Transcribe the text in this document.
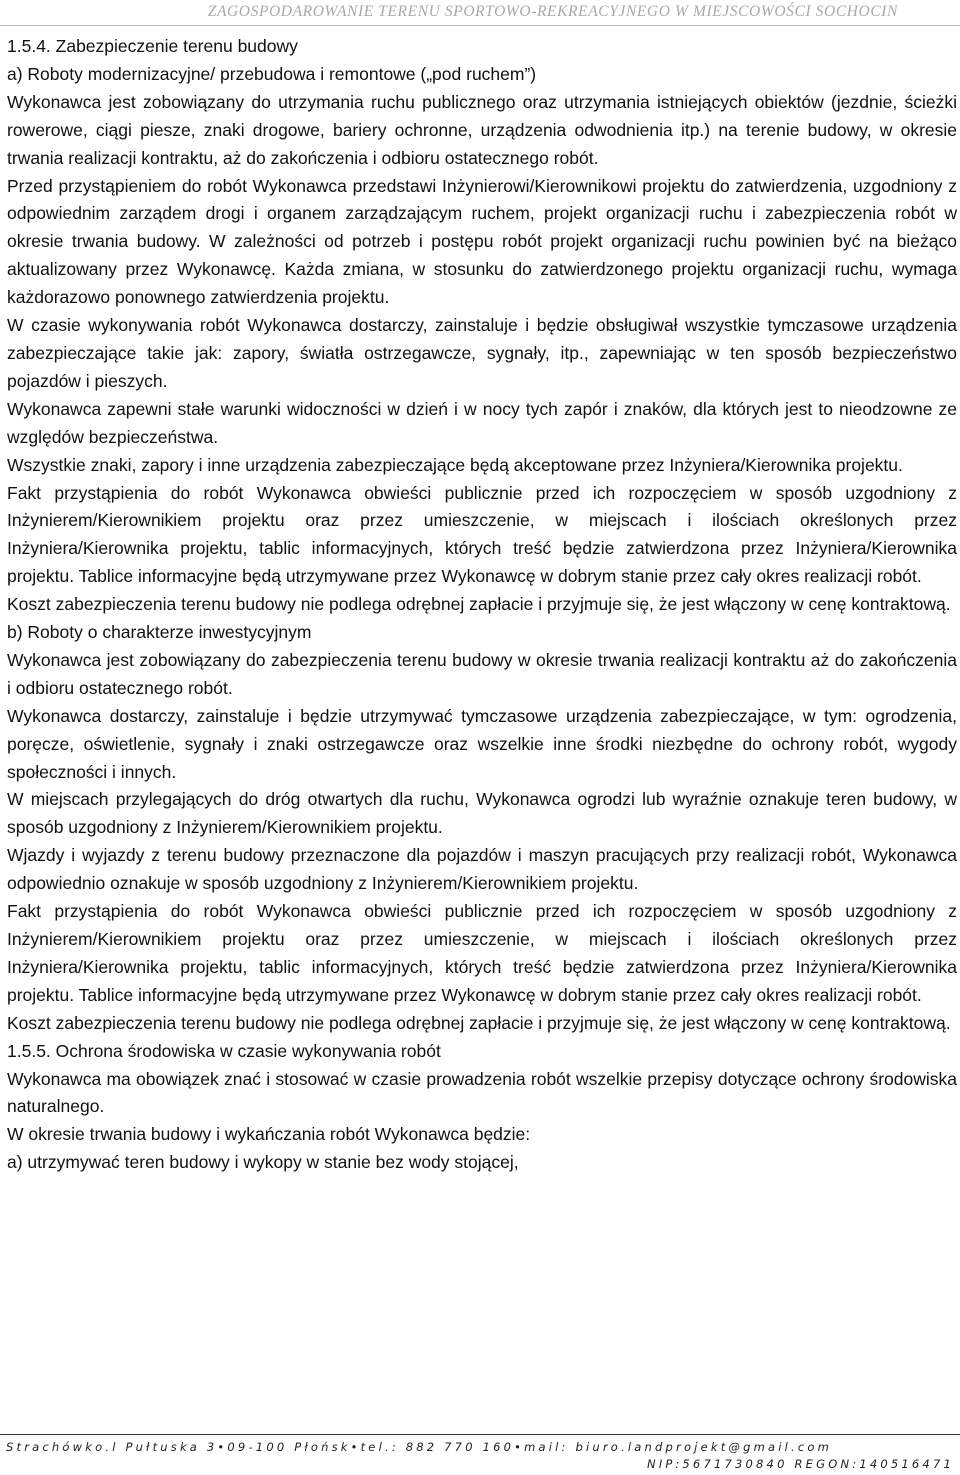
ZAGOSPODAROWANIE TERENU SPORTOWO-REKREACYJNEGO W MIEJSCOWOŚCI SOCHOCIN

1.5.4. Zabezpieczenie terenu budowy

a) Roboty modernizacyjne/ przebudowa i remontowe („pod ruchem”)

Wykonawca jest zobowiązany do utrzymania ruchu publicznego oraz utrzymania istniejących obiektów (jezdnie, ścieżki rowerowe, ciągi piesze, znaki drogowe, bariery ochronne, urządzenia odwodnienia itp.) na terenie budowy, w okresie trwania realizacji kontraktu, aż do zakończenia i odbioru ostatecznego robót.

Przed przystąpieniem do robót Wykonawca przedstawi Inżynierowi/Kierownikowi projektu do zatwierdzenia, uzgodniony z odpowiednim zarządem drogi i organem zarządzającym ruchem, projekt organizacji ruchu i zabezpieczenia robót w okresie trwania budowy. W zależności od potrzeb i postępu robót projekt organizacji ruchu powinien być na bieżąco aktualizowany przez Wykonawcę. Każda zmiana, w stosunku do zatwierdzonego projektu organizacji ruchu, wymaga każdorazowo ponownego zatwierdzenia projektu.

W czasie wykonywania robót Wykonawca dostarczy, zainstaluje i będzie obsługiwał wszystkie tymczasowe urządzenia zabezpieczające takie jak: zapory, światła ostrzegawcze, sygnały, itp., zapewniając w ten sposób bezpieczeństwo pojazdów i pieszych.

Wykonawca zapewni stałe warunki widoczności w dzień i w nocy tych zapór i znaków, dla których jest to nieodzowne ze względów bezpieczeństwa.

Wszystkie znaki, zapory i inne urządzenia zabezpieczające będą akceptowane przez Inżyniera/Kierownika projektu.

Fakt przystąpienia do robót Wykonawca obwieści publicznie przed ich rozpoczęciem w sposób uzgodniony z Inżynierem/Kierownikiem projektu oraz przez umieszczenie, w miejscach i ilościach określonych przez Inżyniera/Kierownika projektu, tablic informacyjnych, których treść będzie zatwierdzona przez Inżyniera/Kierownika projektu. Tablice informacyjne będą utrzymywane przez Wykonawcę w dobrym stanie przez cały okres realizacji robót.

Koszt zabezpieczenia terenu budowy nie podlega odrębnej zapłacie i przyjmuje się, że jest włączony w cenę kontraktową.

b) Roboty o charakterze inwestycyjnym

Wykonawca jest zobowiązany do zabezpieczenia terenu budowy w okresie trwania realizacji kontraktu aż do zakończenia i odbioru ostatecznego robót.

Wykonawca dostarczy, zainstaluje i będzie utrzymywać tymczasowe urządzenia zabezpieczające, w tym: ogrodzenia, poręcze, oświetlenie, sygnały i znaki ostrzegawcze oraz wszelkie inne środki niezbędne do ochrony robót, wygody społeczności i innych.

W miejscach przylegających do dróg otwartych dla ruchu, Wykonawca ogrodzi lub wyraźnie oznakuje teren budowy, w sposób uzgodniony z Inżynierem/Kierownikiem projektu.

Wjazdy i wyjazdy z terenu budowy przeznaczone dla pojazdów i maszyn pracujących przy realizacji robót, Wykonawca odpowiednio oznakuje w sposób uzgodniony z Inżynierem/Kierownikiem projektu.

Fakt przystąpienia do robót Wykonawca obwieści publicznie przed ich rozpoczęciem w sposób uzgodniony z Inżynierem/Kierownikiem projektu oraz przez umieszczenie, w miejscach i ilościach określonych przez Inżyniera/Kierownika projektu, tablic informacyjnych, których treść będzie zatwierdzona przez Inżyniera/Kierownika projektu. Tablice informacyjne będą utrzymywane przez Wykonawcę w dobrym stanie przez cały okres realizacji robót.

Koszt zabezpieczenia terenu budowy nie podlega odrębnej zapłacie i przyjmuje się, że jest włączony w cenę kontraktową.

1.5.5. Ochrona środowiska w czasie wykonywania robót

Wykonawca ma obowiązek znać i stosować w czasie prowadzenia robót wszelkie przepisy dotyczące ochrony środowiska naturalnego.

W okresie trwania budowy i wykańczania robót Wykonawca będzie:

a) utrzymywać teren budowy i wykopy w stanie bez wody stojącej,

Strachówko.l Pułtuska 3•09-100 Płońsk•tel.: 882 770 160•mail: biuro.landprojekt@gmail.com
NIP:5671730840 REGON:140516471
